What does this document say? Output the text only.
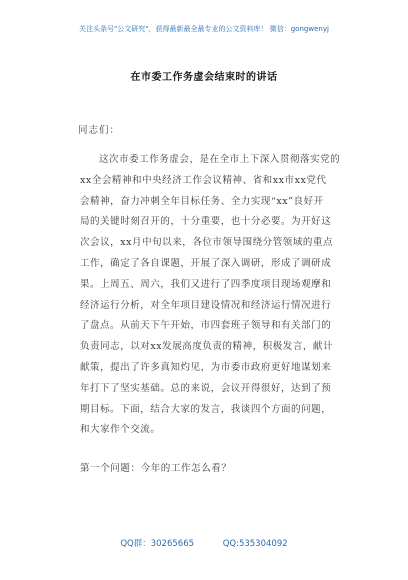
关注头条号"公文研究"，获得最新最全最专业的公文资料库！ 微信：gongwenyj
在市委工作务虚会结束时的讲话
同志们：
这次市委工作务虚会，是在全市上下深入贯彻落实党的
xx全会精神和中央经济工作会议精神、省和xx市xx党代
会精神，奋力冲刺全年目标任务、全力实现“xx”良好开
局的关键时刻召开的，十分重要，也十分必要。为开好这
次会议，xx月中旬以来，各位市领导围绕分管领域的重点
工作，确定了各自课题，开展了深入调研，形成了调研成
果。上周五、周六，我们又进行了四季度项目现场观摩和
经济运行分析，对全年项目建设情况和经济运行情况进行
了盘点。从前天下午开始，市四套班子领导和有关部门的
负责同志，以对xx发展高度负责的精神，积极发言，献计
献策，提出了许多真知灼见，为市委市政府更好地谋划来
年打下了坚实基础。总的来说，会议开得很好，达到了预
期目标。下面，结合大家的发言，我谈四个方面的问题，
和大家作个交流。
第一个问题：今年的工作怎么看？
QQ群：30265665	QQ:535304092
